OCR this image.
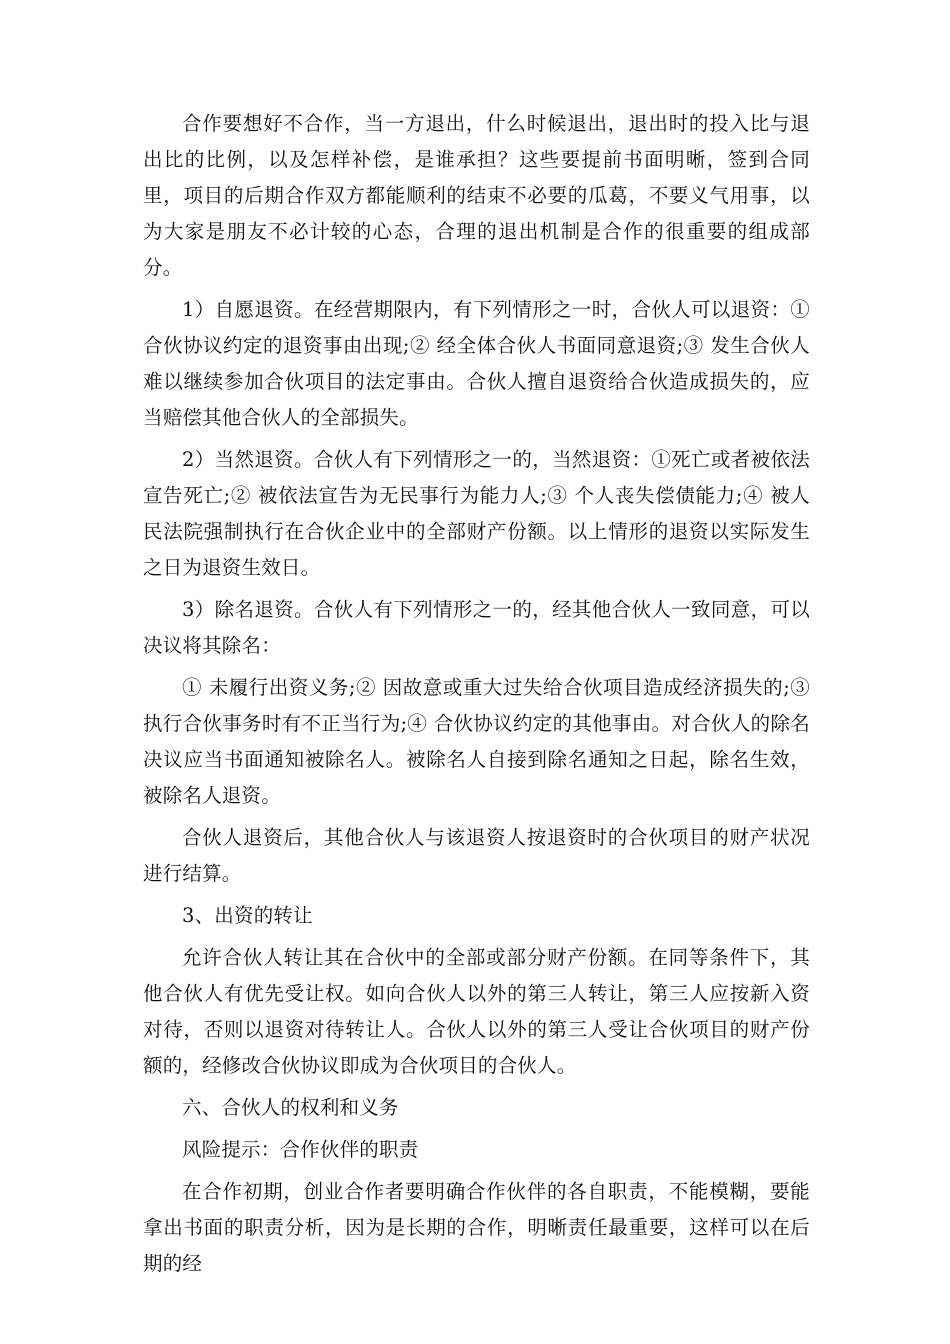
合作要想好不合作，当一方退出，什么时候退出，退出时的投入比与退出比的比例，以及怎样补偿，是谁承担？这些要提前书面明晰，签到合同里，项目的后期合作双方都能顺利的结束不必要的瓜葛，不要义气用事，以为大家是朋友不必计较的心态，合理的退出机制是合作的很重要的组成部分。

1）自愿退资。在经营期限内，有下列情形之一时，合伙人可以退资：①合伙协议约定的退资事由出现;② 经全体合伙人书面同意退资;③ 发生合伙人难以继续参加合伙项目的法定事由。合伙人擅自退资给合伙造成损失的，应当赔偿其他合伙人的全部损失。

2）当然退资。合伙人有下列情形之一的，当然退资：①死亡或者被依法宣告死亡;② 被依法宣告为无民事行为能力人;③ 个人丧失偿债能力;④ 被人民法院强制执行在合伙企业中的全部财产份额。以上情形的退资以实际发生之日为退资生效日。

3）除名退资。合伙人有下列情形之一的，经其他合伙人一致同意，可以决议将其除名：

① 未履行出资义务;② 因故意或重大过失给合伙项目造成经济损失的;③ 执行合伙事务时有不正当行为;④ 合伙协议约定的其他事由。对合伙人的除名决议应当书面通知被除名人。被除名人自接到除名通知之日起，除名生效，被除名人退资。

合伙人退资后，其他合伙人与该退资人按退资时的合伙项目的财产状况进行结算。

3、出资的转让

允许合伙人转让其在合伙中的全部或部分财产份额。在同等条件下，其他合伙人有优先受让权。如向合伙人以外的第三人转让，第三人应按新入资对待，否则以退资对待转让人。合伙人以外的第三人受让合伙项目的财产份额的，经修改合伙协议即成为合伙项目的合伙人。

六、合伙人的权利和义务

风险提示：合作伙伴的职责

在合作初期，创业合作者要明确合作伙伴的各自职责，不能模糊，要能拿出书面的职责分析，因为是长期的合作，明晰责任最重要，这样可以在后期的经
